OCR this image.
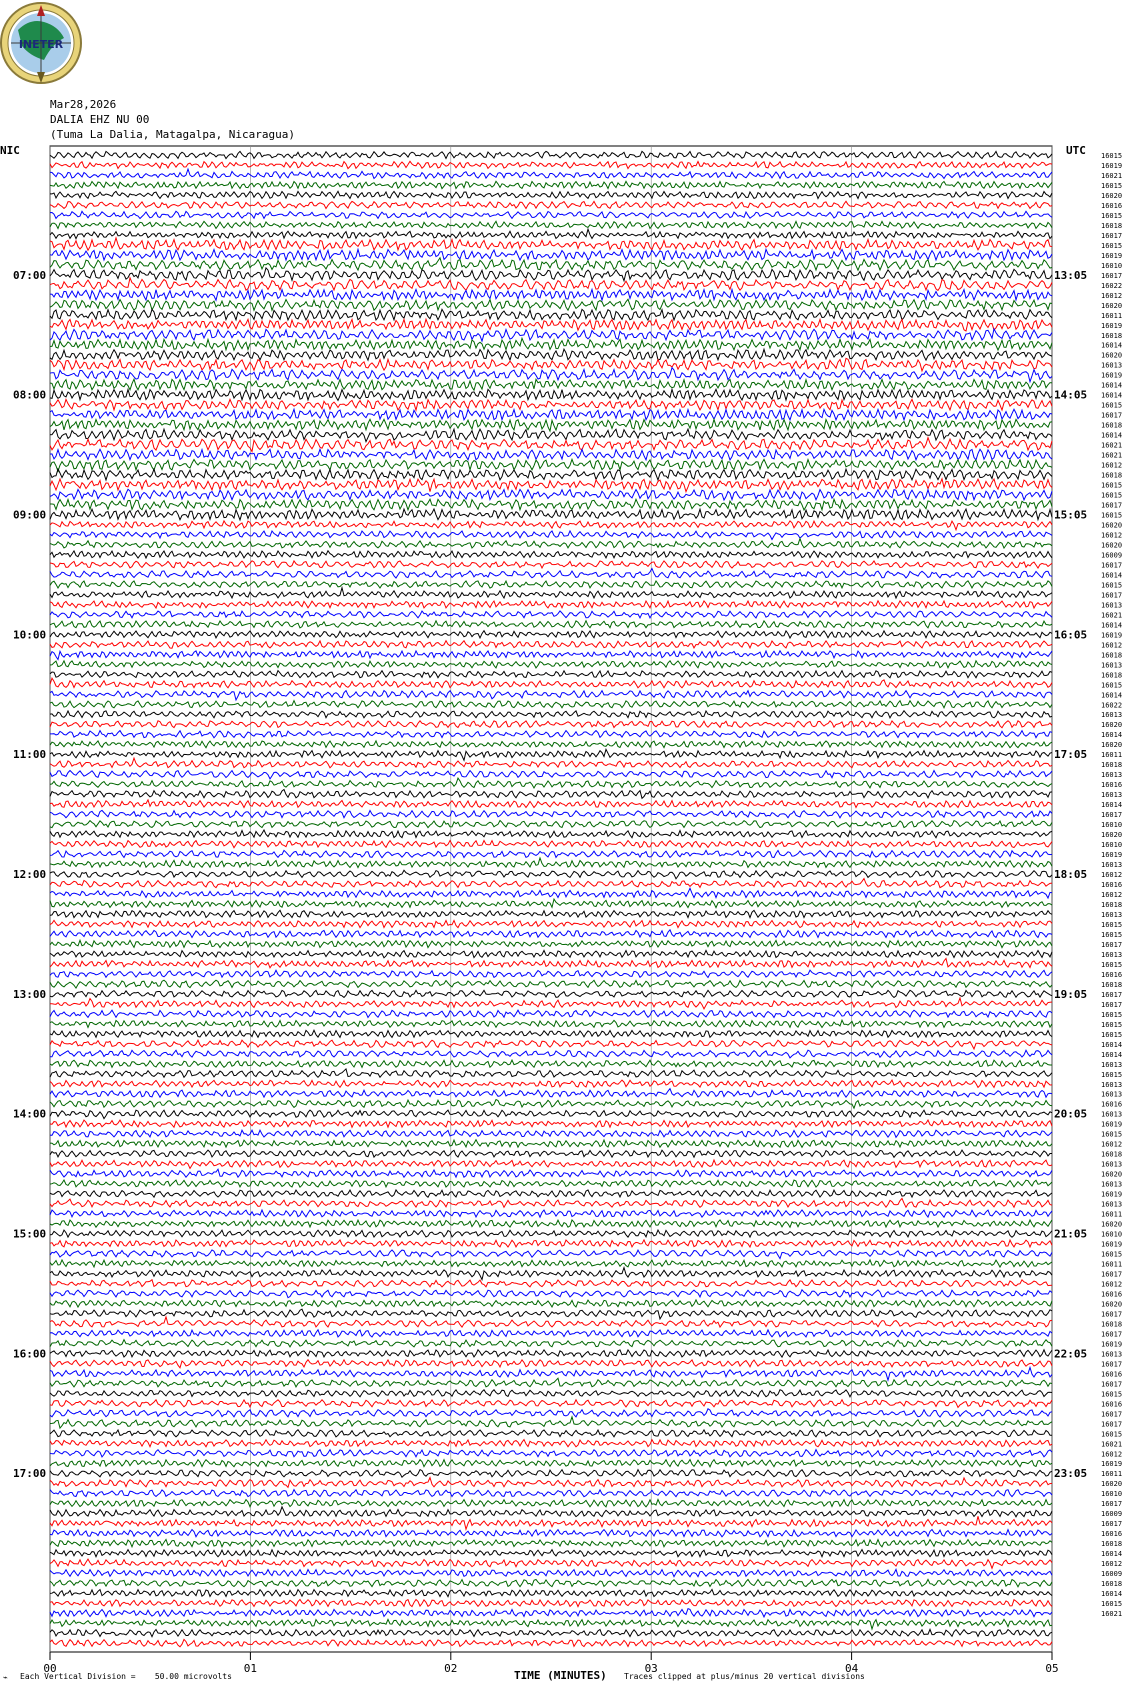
00	01	02	03	04	05
16015
16019
16021
16015
16020
16016
16015
16018
16017
16015
16019
16010
16017
16022
16012
16020
16011
16019
16018
16014
16020
16013
16019
16014
16014
16015
16017
16018
16014
16021
16021
16012
16018
16015
16015
16017
16015
16020
16012
16020
16009
16017
16014
16015
16017
16013
16021
16014
16019
16012
16018
16013
16018
16015
16014
16022
16013
16020
16014
16020
16011
16018
16013
16016
16013
16014
16017
16010
16020
16010
16019
16013
16012
16016
16012
16018
16013
16015
16015
16017
16013
16015
16016
16018
16017
16017
16015
16015
16015
16014
16014
16013
16015
16013
16013
16016
16013
16019
16015
16012
16018
16013
16020
16013
16019
16013
16011
16020
16010
16019
16015
16011
16017
16012
16016
16020
16017
16018
16017
16019
16013
16017
16016
16017
16015
16016
16017
16017
16015
16021
16012
16019
16011
16020
16010
16017
16009
16017
16016
16018
16014
16012
16009
16018
16014
16015
16021
07:00	13:05
08:00	14:05
09:00	15:05
10:00	16:05
11:00	17:05
12:00	18:05
13:00	19:05
14:00	20:05
15:00	21:05
16:00	22:05
17:00	23:05
INETER
Mar28,2026
DALIA EHZ NU 00
(Tuma La Dalia, Matagalpa, Nicaragua)
NIC	UTC
⌁ Each Vertical Division =    50.00 microvolts	TIME (MINUTES) Traces clipped at plus/minus 20 vertical divisions
